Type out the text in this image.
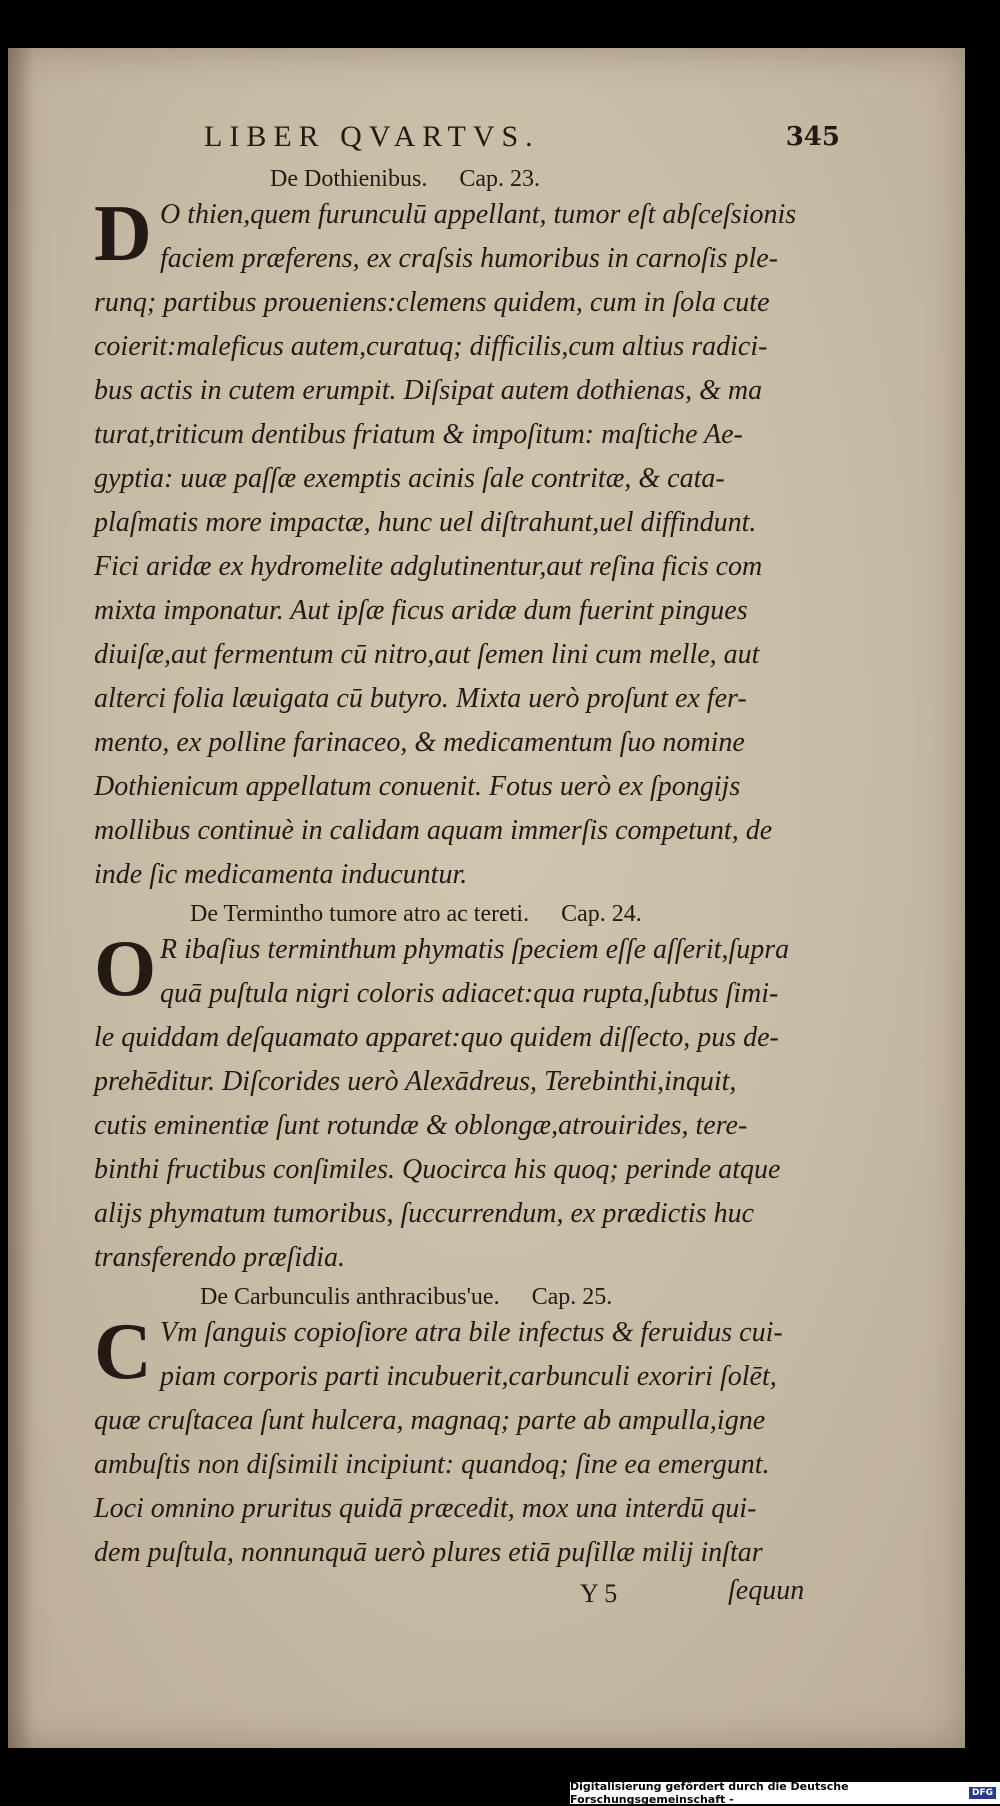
LIBER QVARTVS.	345
De Dothienibus. Cap. 23.
D O thien,quem furunculū appellant, tumor eſt abſceſsionis
faciem præferens, ex craſsis humoribus in carnoſis ple-
runq; partibus proueniens:clemens quidem, cum in ſola cute
coierit:maleficus autem,curatuq; difficilis,cum altius radici-
bus actis in cutem erumpit. Diſsipat autem dothienas, & ma
turat,triticum dentibus friatum & impoſitum: maſtiche Ae-
gyptia: uuæ paſſæ exemptis acinis ſale contritæ, & cata-
plaſmatis more impactæ, hunc uel diſtrahunt,uel diffindunt.
Fici aridæ ex hydromelite adglutinentur,aut reſina ficis com
mixta imponatur. Aut ipſæ ficus aridæ dum fuerint pingues
diuiſæ,aut fermentum cū nitro,aut ſemen lini cum melle, aut
alterci folia læuigata cū butyro. Mixta uerò proſunt ex fer-
mento, ex polline farinaceo, & medicamentum ſuo nomine
Dothienicum appellatum conuenit. Fotus uerò ex ſpongijs
mollibus continuè in calidam aquam immerſis competunt, de
inde ſic medicamenta inducuntur.
De Terminthо tumore atro ac tereti. Cap. 24.
O R ibaſius terminthum phymatis ſpeciem eſſe aſſerit,ſupra
quā puſtula nigri coloris adiacet:qua rupta,ſubtus ſimi-
le quiddam deſquamato apparet:quo quidem diſſecto, pus de-
prehēditur. Diſcorides uerò Alexādreus, Terebinthi,inquit,
cutis eminentiæ ſunt rotundæ & oblongæ,atrouirides, tere-
binthi fructibus conſimiles. Quocirca his quoq; perinde atque
alijs phymatum tumoribus, ſuccurrendum, ex prædictis huc
transferendo præſidia.
De Carbunculis anthracibus'ue. Cap. 25.
C Vm ſanguis copioſiore atra bile infectus & feruidus cui-
piam corporis parti incubuerit,carbunculi exoriri ſolēt,
quæ cruſtacea ſunt hulcera, magnaq; parte ab ampulla,igne
ambuſtis non diſsimili incipiunt: quandoq; ſine ea emergunt.
Loci omnino pruritus quidā præcedit, mox una interdū qui-
dem puſtula, nonnunquā uerò plures etiā puſillæ milij inſtar
Y 5	ſequun
Digitalisierung gefördert durch die Deutsche Forschungsgemeinschaft -	DFG
